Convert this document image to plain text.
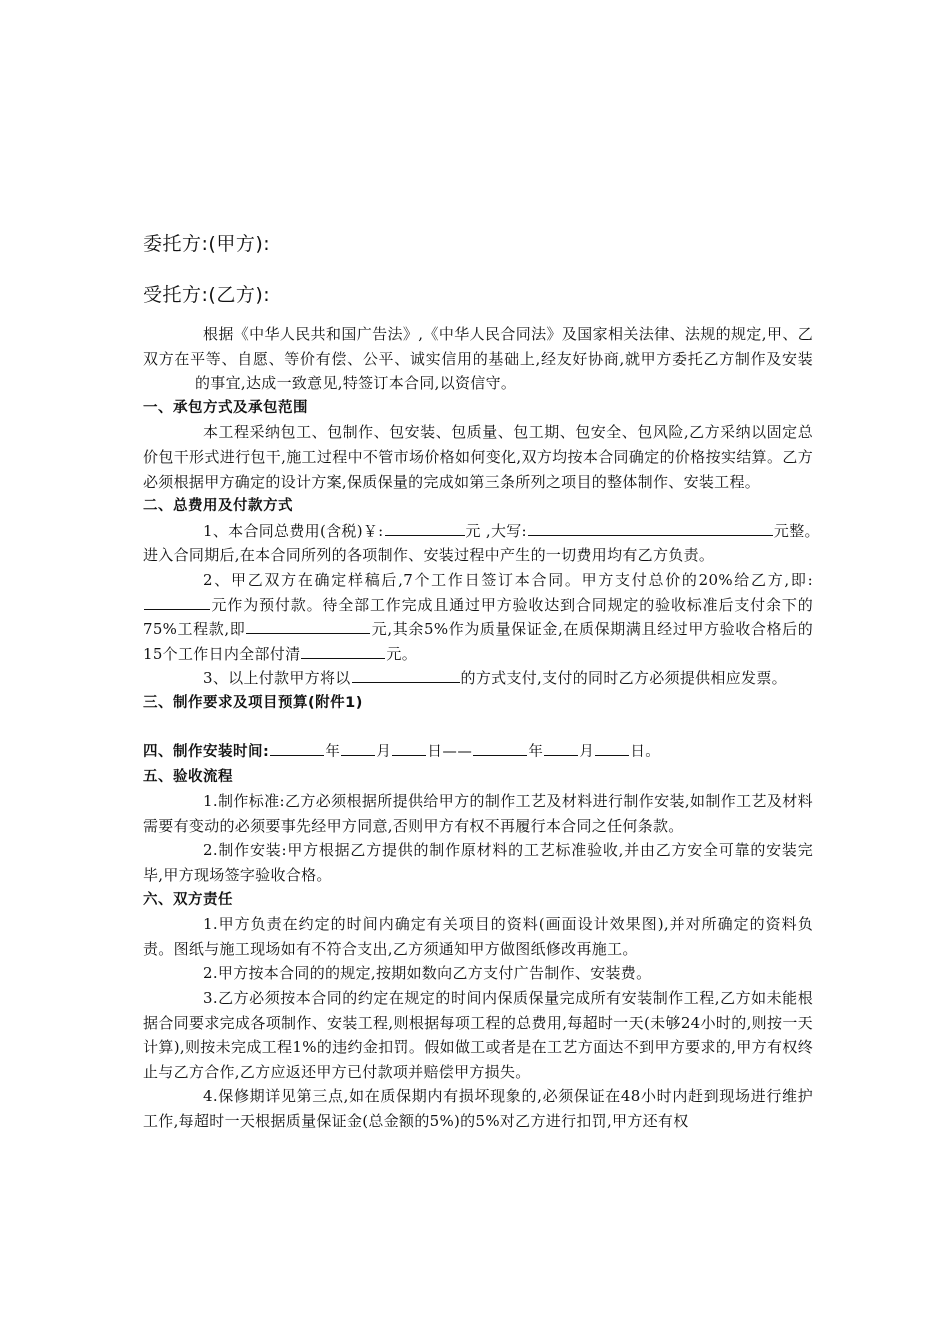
委托方:(甲方):
受托方:(乙方):

根据《中华人民共和国广告法》,《中华人民合同法》及国家相关法律、法规的规定,甲、乙双方在平等、自愿、等价有偿、公平、诚实信用的基础上,经友好协商,就甲方委托乙方制作及安装的事宜,达成一致意见,特签订本合同,以资信守。

一、承包方式及承包范围

本工程采纳包工、包制作、包安装、包质量、包工期、包安全、包风险,乙方采纳以固定总价包干形式进行包干,施工过程中不管市场价格如何变化,双方均按本合同确定的价格按实结算。乙方必须根据甲方确定的设计方案,保质保量的完成如第三条所列之项目的整体制作、安装工程。

二、总费用及付款方式

1、本合同总费用(含税)￥:	元 ,大写:	元整。

进入合同期后,在本合同所列的各项制作、安装过程中产生的一切费用均有乙方负责。

2、甲乙双方在确定样稿后,7个工作日签订本合同。甲方支付总价的20%给乙方,即:元作为预付款。待全部工作完成且通过甲方验收达到合同规定的验收标准后支付余下的75%工程款,即	元,其余5%作为质量保证金,在质保期满且经过甲方验收合格后的15个工作日内全部付清	元。

3、以上付款甲方将以	的方式支付,支付的同时乙方必须提供相应发票。

三、制作要求及项目预算(附件1)

四、制作安装时间:	年 月 日——	年 月 日。

五、验收流程

1.制作标准:乙方必须根据所提供给甲方的制作工艺及材料进行制作安装,如制作工艺及材料需要有变动的必须要事先经甲方同意,否则甲方有权不再履行本合同之任何条款。

2.制作安装:甲方根据乙方提供的制作原材料的工艺标准验收,并由乙方安全可靠的安装完毕,甲方现场签字验收合格。

六、双方责任

1.甲方负责在约定的时间内确定有关项目的资料(画面设计效果图),并对所确定的资料负责。图纸与施工现场如有不符合支出,乙方须通知甲方做图纸修改再施工。

2.甲方按本合同的的规定,按期如数向乙方支付广告制作、安装费。

3.乙方必须按本合同的约定在规定的时间内保质保量完成所有安装制作工程,乙方如未能根据合同要求完成各项制作、安装工程,则根据每项工程的总费用,每超时一天(未够24小时的,则按一天计算),则按未完成工程1%的违约金扣罚。假如做工或者是在工艺方面达不到甲方要求的,甲方有权终止与乙方合作,乙方应返还甲方已付款项并赔偿甲方损失。

4.保修期详见第三点,如在质保期内有损坏现象的,必须保证在48小时内赶到现场进行维护工作,每超时一天根据质量保证金(总金额的5%)的5%对乙方进行扣罚,甲方还有权
